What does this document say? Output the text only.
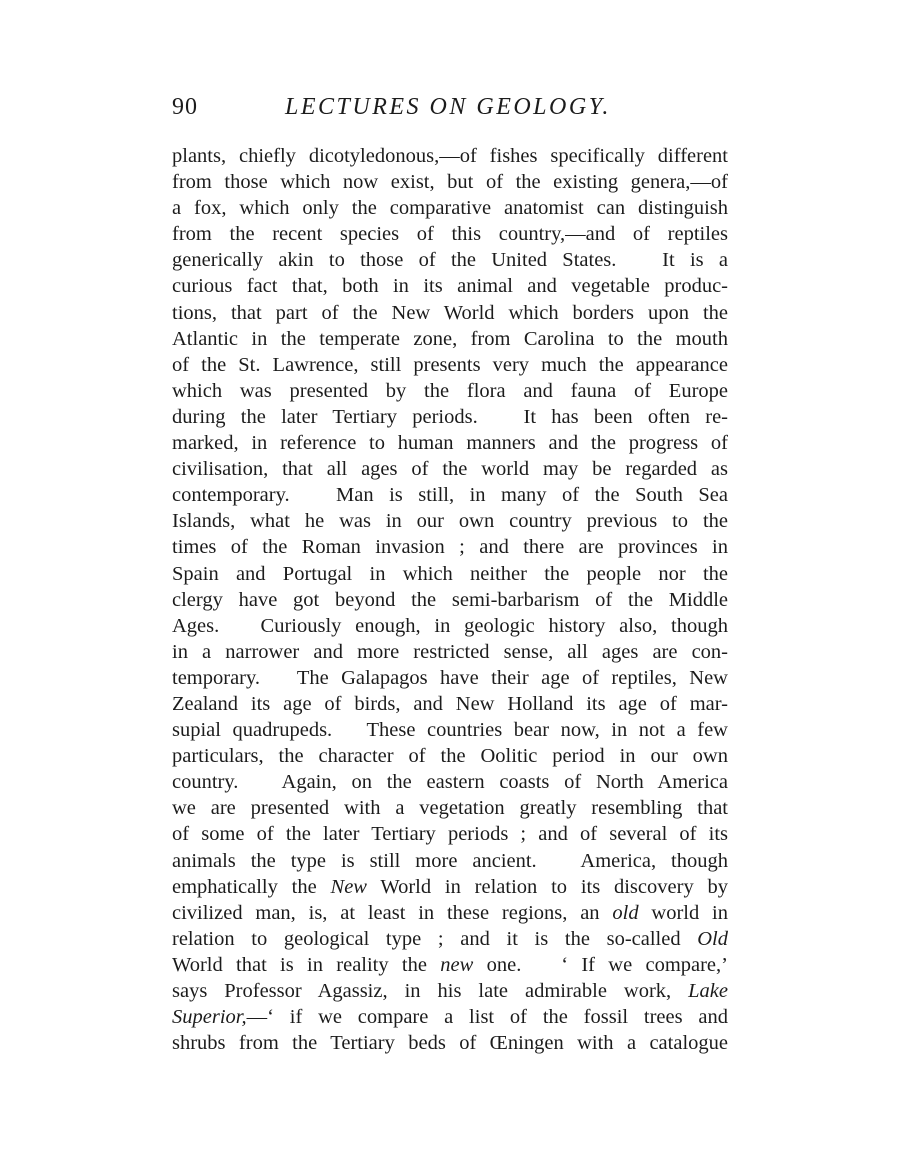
90	LECTURES ON GEOLOGY.
plants, chiefly dicotyledonous,—of fishes specifically different
from those which now exist, but of the existing genera,—of
a fox, which only the comparative anatomist can distinguish
from the recent species of this country,—and of reptiles
generically akin to those of the United States.   It is a
curious fact that, both in its animal and vegetable produc-
tions, that part of the New World which borders upon the
Atlantic in the temperate zone, from Carolina to the mouth
of the St. Lawrence, still presents very much the appearance
which was presented by the flora and fauna of Europe
during the later Tertiary periods.   It has been often re-
marked, in reference to human manners and the progress of
civilisation, that all ages of the world may be regarded as
contemporary.   Man is still, in many of the South Sea
Islands, what he was in our own country previous to the
times of the Roman invasion ; and there are provinces in
Spain and Portugal in which neither the people nor the
clergy have got beyond the semi-barbarism of the Middle
Ages.   Curiously enough, in geologic history also, though
in a narrower and more restricted sense, all ages are con-
temporary.   The Galapagos have their age of reptiles, New
Zealand its age of birds, and New Holland its age of mar-
supial quadrupeds.   These countries bear now, in not a few
particulars, the character of the Oolitic period in our own
country.   Again, on the eastern coasts of North America
we are presented with a vegetation greatly resembling that
of some of the later Tertiary periods ; and of several of its
animals the type is still more ancient.   America, though
emphatically the New World in relation to its discovery by
civilized man, is, at least in these regions, an old world in
relation to geological type ; and it is the so-called Old
World that is in reality the new one.   ‘ If we compare,’
says Professor Agassiz, in his late admirable work, Lake
Superior,—‘ if we compare a list of the fossil trees and
shrubs from the Tertiary beds of Œningen with a catalogue
